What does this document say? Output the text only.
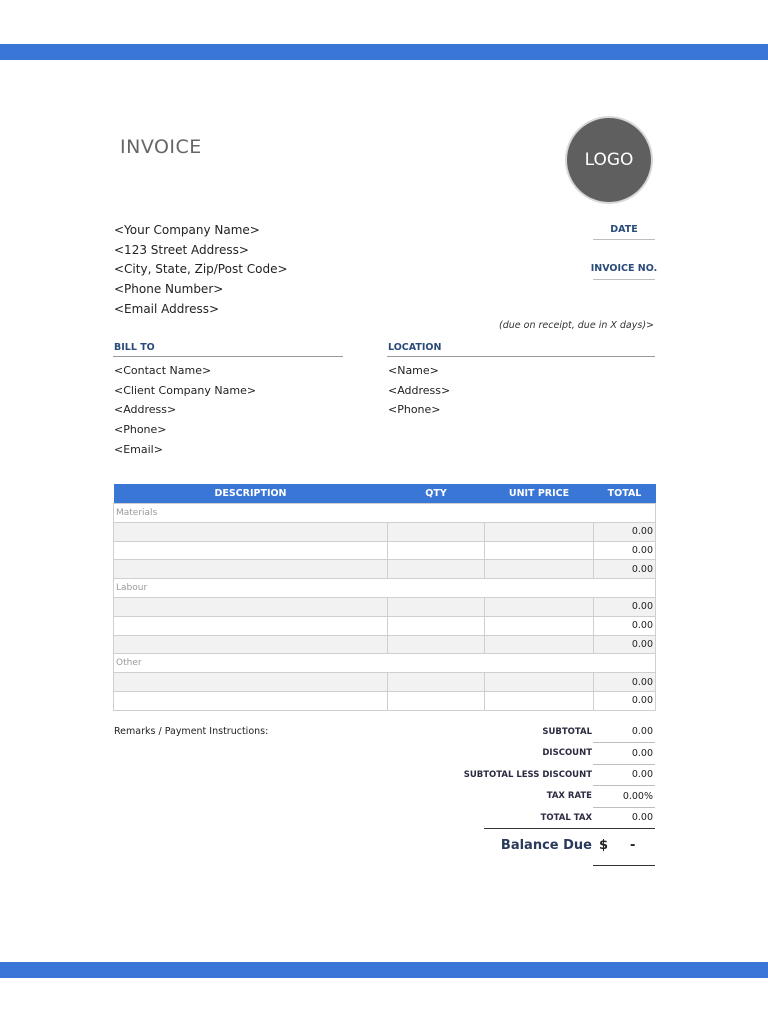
INVOICE
LOGO
<Your Company Name>
<123 Street Address>
<City, State, Zip/Post Code>
<Phone Number>
<Email Address>
DATE
INVOICE NO.
(due on receipt, due in X days)>
BILL TO
<Contact Name>
<Client Company Name>
<Address>
<Phone>
<Email>
LOCATION
<Name>
<Address>
<Phone>
DESCRIPTION	QTY	UNIT PRICE	TOTAL
Materials			
			0.00
			0.00
			0.00
Labour			
			0.00
			0.00
			0.00
Other			
			0.00
			0.00
Remarks / Payment Instructions:	SUBTOTAL	0.00
DISCOUNT	0.00
SUBTOTAL LESS DISCOUNT	0.00
TAX RATE	0.00%
TOTAL TAX	0.00
Balance Due $ -
